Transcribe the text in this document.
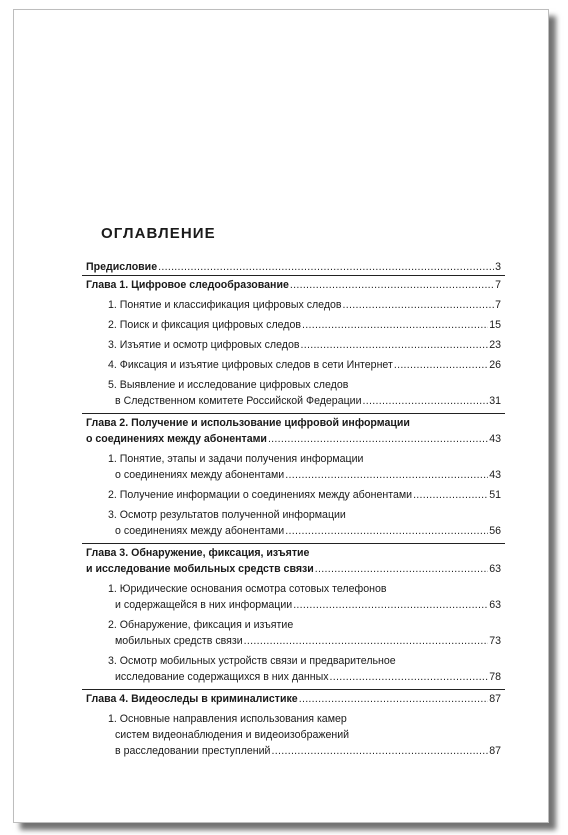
ОГЛАВЛЕНИЕ
Предисловие .....	3
Глава 1. Цифровое следообразование .....	7
1. Понятие и классификация цифровых следов .....	7
2. Поиск и фиксация цифровых следов .....	15
3. Изъятие и осмотр цифровых следов .....	23
4. Фиксация и изъятие цифровых следов в сети Интернет .....	26
5. Выявление и исследование цифровых следов
в Следственном комитете Российской Федерации .....	31
Глава 2. Получение и использование цифровой информации
о соединениях между абонентами .....	43
1. Понятие, этапы и задачи получения информации
о соединениях между абонентами .....	43
2. Получение информации о соединениях между абонентами .....	51
3. Осмотр результатов полученной информации
о соединениях между абонентами .....	56
Глава 3. Обнаружение, фиксация, изъятие
и исследование мобильных средств связи .....	63
1. Юридические основания осмотра сотовых телефонов
и содержащейся в них информации .....	63
2. Обнаружение, фиксация и изъятие
мобильных средств связи .....	73
3. Осмотр мобильных устройств связи и предварительное
исследование содержащихся в них данных .....	78
Глава 4. Видеоследы в криминалистике .....	87
1. Основные направления использования камер
систем видеонаблюдения и видеоизображений
в расследовании преступлений .....	87
